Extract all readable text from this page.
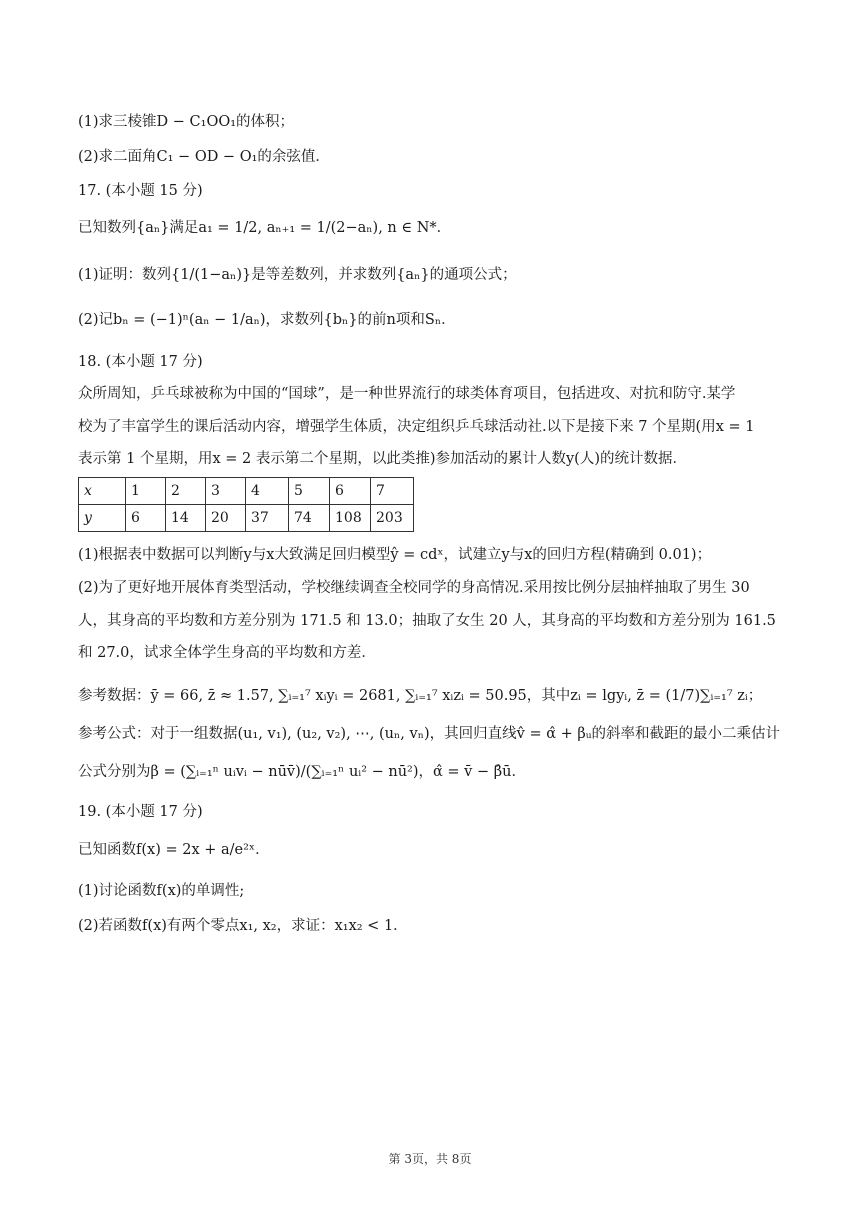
(1)求三棱锥D − C₁OO₁的体积；
(2)求二面角C₁ − OD − O₁的余弦值．
17. (本小题 15 分)
已知数列{aₙ}满足a₁ = 1/2, aₙ₊₁ = 1/(2−aₙ), n ∈ N*．
(1)证明：数列{1/(1−aₙ)}是等差数列，并求数列{aₙ}的通项公式；
(2)记bₙ = (−1)ⁿ(aₙ − 1/aₙ)，求数列{bₙ}的前n项和Sₙ．
18. (本小题 17 分)
众所周知，乒乓球被称为中国的“国球”，是一种世界流行的球类体育项目，包括进攻、对抗和防守.某学
校为了丰富学生的课后活动内容，增强学生体质，决定组织乒乓球活动社.以下是接下来 7 个星期(用x = 1
表示第 1 个星期，用x = 2 表示第二个星期，以此类推)参加活动的累计人数y(人)的统计数据．
x	1	2	3	4	5	6	7
y	6	14	20	37	74	108	203
(1)根据表中数据可以判断y与x大致满足回归模型ŷ = cdˣ，试建立y与x的回归方程(精确到 0.01)；
(2)为了更好地开展体育类型活动，学校继续调查全校同学的身高情况.采用按比例分层抽样抽取了男生 30
人，其身高的平均数和方差分别为 171.5 和 13.0；抽取了女生 20 人，其身高的平均数和方差分别为 161.5
和 27.0，试求全体学生身高的平均数和方差．
参考数据：ȳ = 66, z̄ ≈ 1.57, ∑ᵢ₌₁⁷ xᵢyᵢ = 2681, ∑ᵢ₌₁⁷ xᵢzᵢ = 50.95，其中zᵢ = lgyᵢ, z̄ = (1/7)∑ᵢ₌₁⁷ zᵢ；
参考公式：对于一组数据(u₁, v₁), (u₂, v₂), ⋯, (uₙ, vₙ)，其回归直线v̂ = α̂ + βᵤ的斜率和截距的最小二乘估计
公式分别为β = (∑ᵢ₌₁ⁿ uᵢvᵢ − nūv̄)/(∑ᵢ₌₁ⁿ uᵢ² − nū²)，α̂ = v̄ − β̂ū．
19. (本小题 17 分)
已知函数f(x) = 2x + a/e²ˣ．
(1)讨论函数f(x)的单调性;
(2)若函数f(x)有两个零点x₁, x₂，求证：x₁x₂ < 1．
第 3页，共 8页
